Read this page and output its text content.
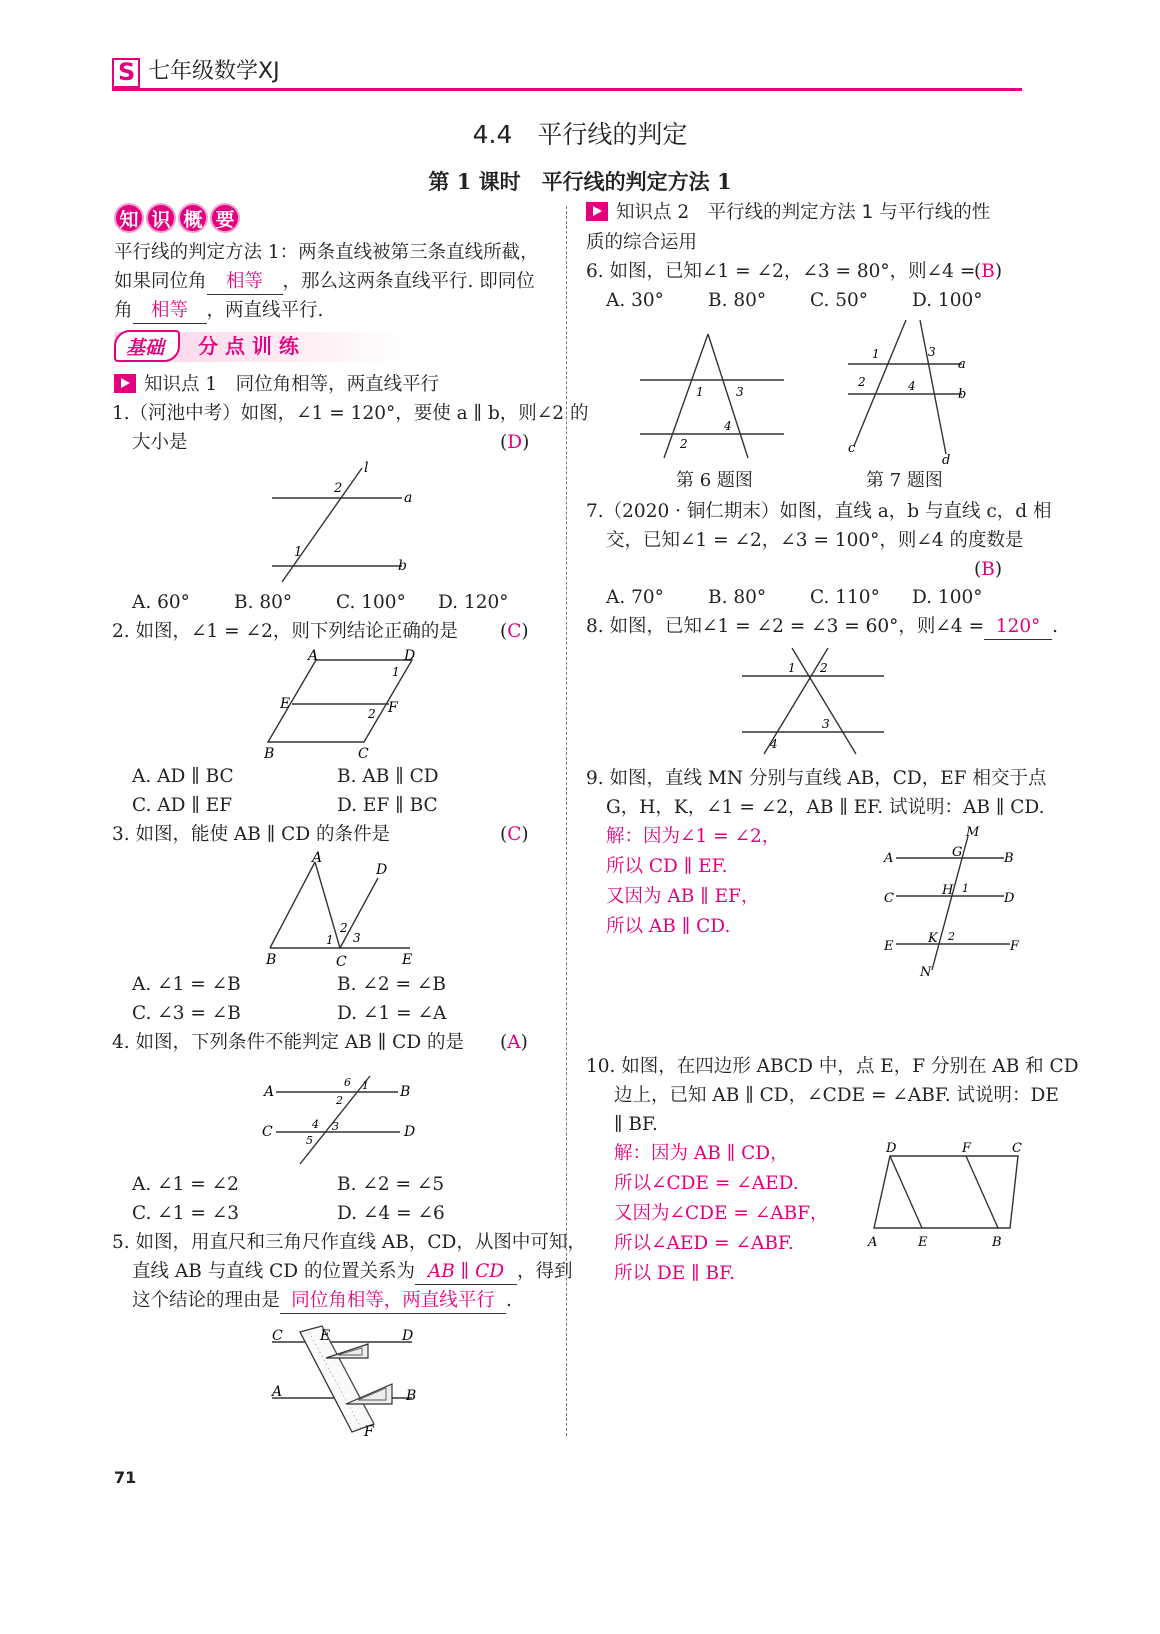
S 七年级数学XJ
4.4　平行线的判定
第 1 课时　平行线的判定方法 1
知 识 概 要
平行线的判定方法 1：两条直线被第三条直线所截，
如果同位角 相等 ，那么这两条直线平行. 即同位
角 相等 ，两直线平行.
基础 分 点 训 练
知识点 1　 同位角相等，两直线平行
1.（河池中考）如图，∠1 = 120°，要使 a ∥ b，则∠2 的
大小是	(D)
l
a
b
2
1
A. 60° B. 80° C. 100° D. 120°
2. 如图，∠1 = ∠2，则下列结论正确的是 (C)
A	D
E	F
B	C
1
2
A. AD ∥ BC	B. AB ∥ CD
C. AD ∥ EF	D. EF ∥ BC
3. 如图，能使 AB ∥ CD 的条件是	(C)
A
D
B	C	E
1
2
3
A. ∠1 = ∠B	B. ∠2 = ∠B
C. ∠3 = ∠B	D. ∠1 = ∠A
4. 如图，下列条件不能判定 AB ∥ CD 的是 (A)
A	B
C	D
6 1
2
4 3
5
A. ∠1 = ∠2	B. ∠2 = ∠5
C. ∠1 = ∠3	D. ∠4 = ∠6
5. 如图，用直尺和三角尺作直线 AB，CD，从图中可知，
直线 AB 与直线 CD 的位置关系为 AB ∥ CD ，得到
这个结论的理由是 同位角相等，两直线平行 .
C	E	D
A	B
F
71
知识点 2　 平行线的判定方法 1 与平行线的性
质的综合运用
6. 如图，已知∠1 = ∠2，∠3 = 80°，则∠4 =
(B)
A. 30° B. 80° C. 50° D. 100°
1	3
4
2
第 6 题图
1	3
2	4
a
b
c
d
第 7 题图
7.（2020 · 铜仁期末）如图，直线 a，b 与直线 c，d 相
交，已知∠1 = ∠2，∠3 = 100°，则∠4 的度数是
(B)
A. 70° B. 80° C. 110° D. 100°
8. 如图，已知∠1 = ∠2 = ∠3 = 60°，则∠4 = 120° .
1 2
3
4
9. 如图，直线 MN 分别与直线 AB，CD，EF 相交于点
G，H，K，∠1 = ∠2，AB ∥ EF. 试说明：AB ∥ CD.
解：因为∠1 = ∠2，
所以 CD ∥ EF.
又因为 AB ∥ EF，
所以 AB ∥ CD.
M
A	G	B
C
H 1
D
E
K 2
F
N
10. 如图，在四边形 ABCD 中，点 E，F 分别在 AB 和 CD
边上，已知 AB ∥ CD，∠CDE = ∠ABF. 试说明：DE
∥ BF.
解：因为 AB ∥ CD，
所以∠CDE = ∠AED.
又因为∠CDE = ∠ABF，
所以∠AED = ∠ABF.
所以 DE ∥ BF.
D	F	C
A	E	B
